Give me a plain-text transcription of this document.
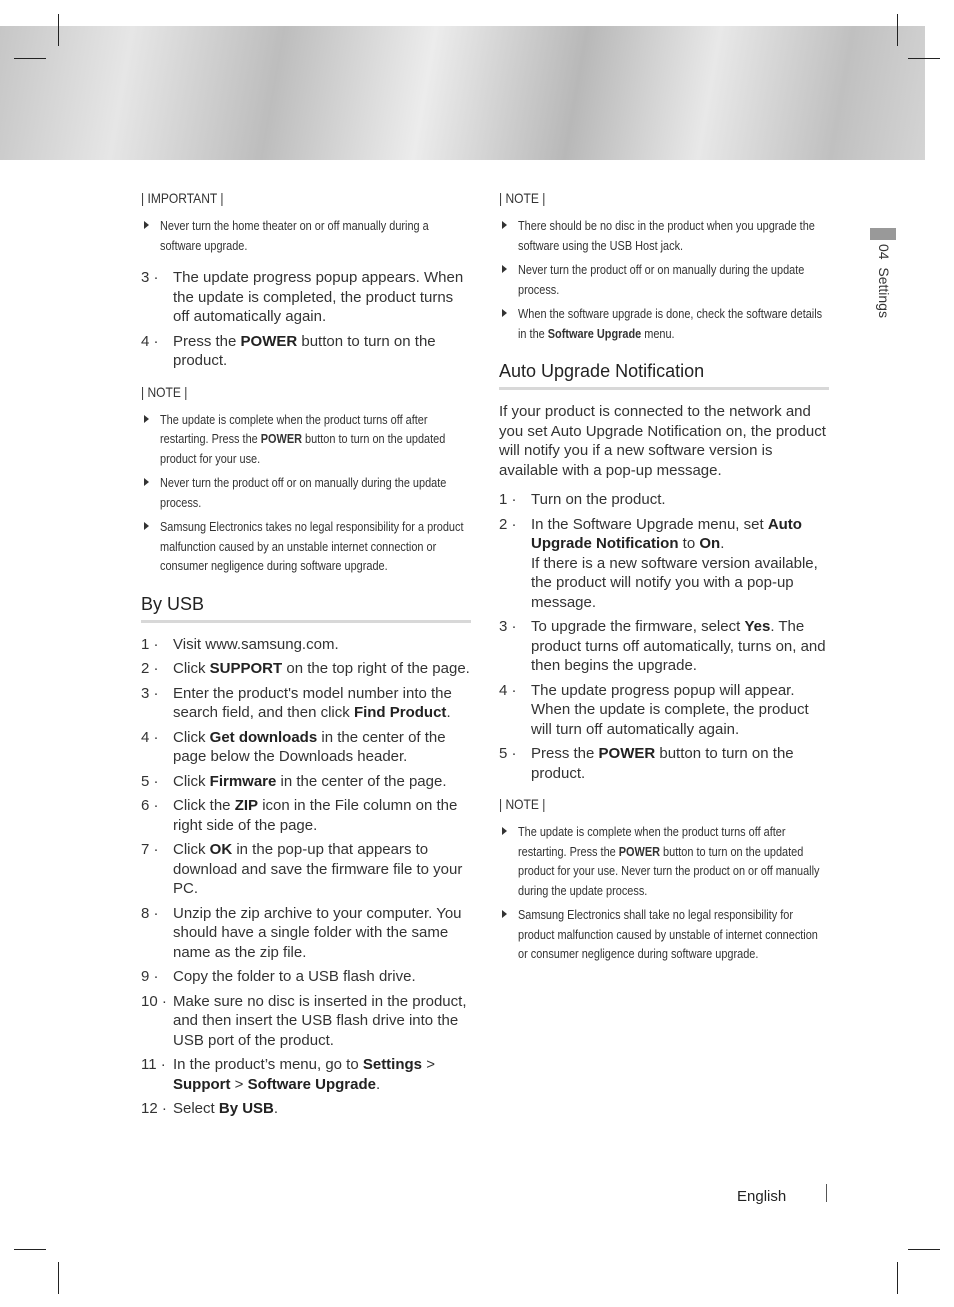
04  Settings
| IMPORTANT |
Never turn the home theater on or off manually during a software upgrade.
3 · The update progress popup appears. When the update is completed, the product turns off automatically again.
4 · Press the POWER button to turn on the product.
| NOTE |
The update is complete when the product turns off after restarting. Press the POWER button to turn on the updated product for your use.
Never turn the product off or on manually during the update process.
Samsung Electronics takes no legal responsibility for a product malfunction caused by an unstable internet connection or consumer negligence during software upgrade.
By USB
1 · Visit www.samsung.com.
2 · Click SUPPORT on the top right of the page.
3 · Enter the product's model number into the search field, and then click Find Product.
4 · Click Get downloads in the center of the page below the Downloads header.
5 · Click Firmware in the center of the page.
6 · Click the ZIP icon in the File column on the right side of the page.
7 · Click OK in the pop-up that appears to download and save the firmware file to your PC.
8 · Unzip the zip archive to your computer. You should have a single folder with the same name as the zip file.
9 · Copy the folder to a USB flash drive.
10 · Make sure no disc is inserted in the product, and then insert the USB flash drive into the USB port of the product.
11 · In the product’s menu, go to Settings > Support > Software Upgrade.
12 · Select By USB.
| NOTE |
There should be no disc in the product when you upgrade the software using the USB Host jack.
Never turn the product off or on manually during the update process.
When the software upgrade is done, check the software details in the Software Upgrade menu.
Auto Upgrade Notification
If your product is connected to the network and you set Auto Upgrade Notification on, the product will notify you if a new software version is available with a pop-up message.
1 · Turn on the product.
2 · In the Software Upgrade menu, set Auto Upgrade Notification to On.
If there is a new software version available, the product will notify you with a pop-up message.
3 · To upgrade the firmware, select Yes. The product turns off automatically, turns on, and then begins the upgrade.
4 · The update progress popup will appear. When the update is complete, the product will turn off automatically again.
5 · Press the POWER button to turn on the product.
| NOTE |
The update is complete when the product turns off after restarting. Press the POWER button to turn on the updated product for your use. Never turn the product on or off manually during the update process.
Samsung Electronics shall take no legal responsibility for product malfunction caused by unstable of internet connection or consumer negligence during software upgrade.
English
